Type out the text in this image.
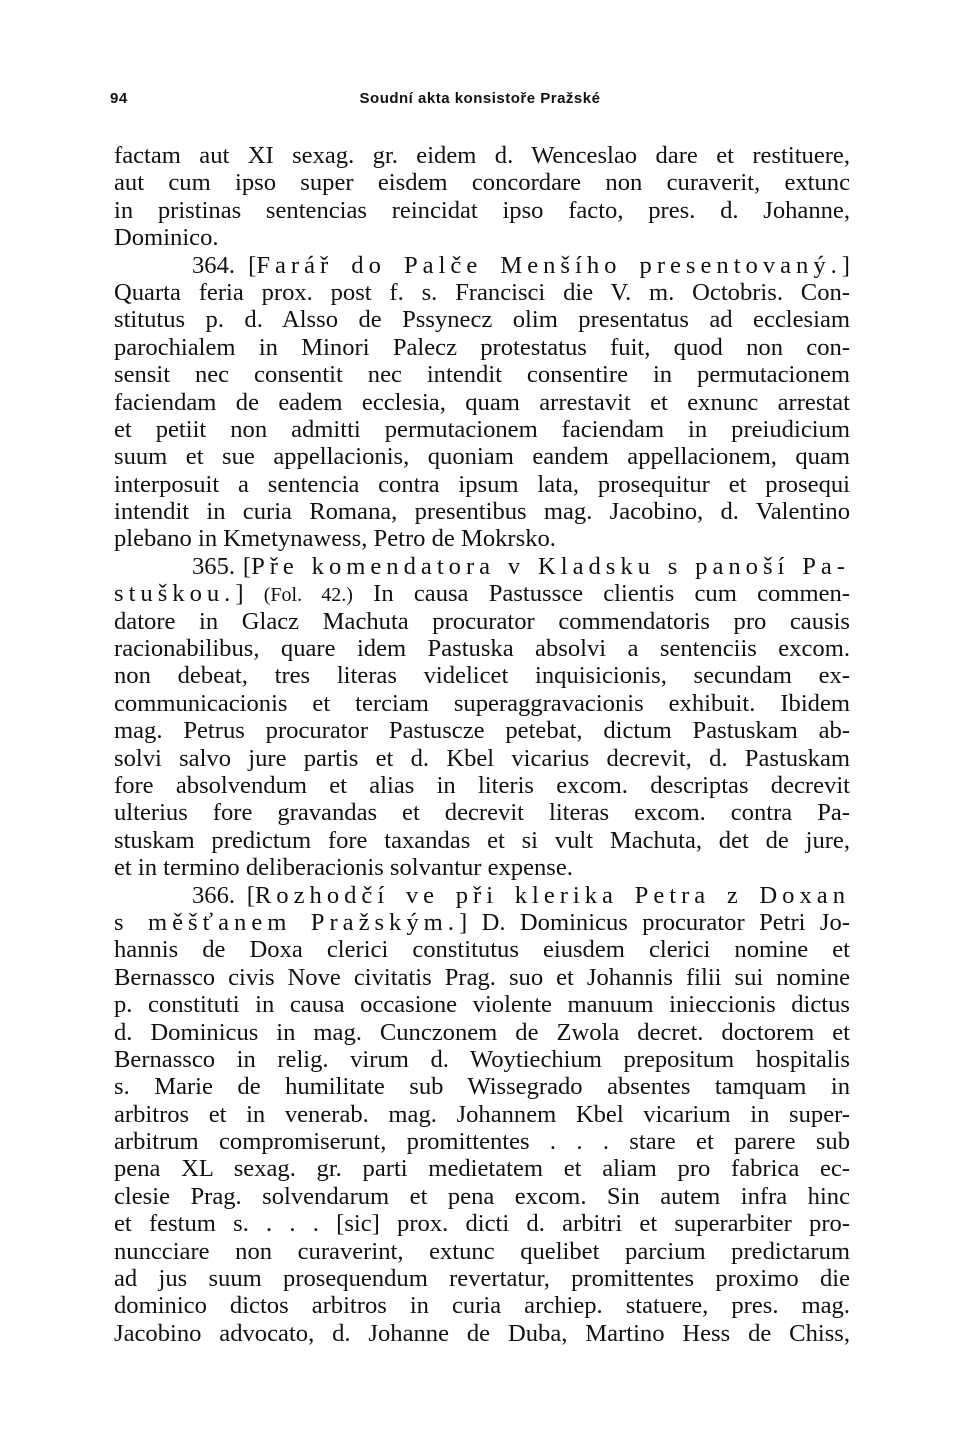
94	Soudní akta konsistoře Pražské
factam aut XI sexag. gr. eidem d. Wenceslao dare et restituere,
aut cum ipso super eisdem concordare non curaverit, extunc
in pristinas sentencias reincidat ipso facto, pres. d. Johanne,
Dominico.
364. [Farář do Palče Menšího presentovaný.]
Quarta feria prox. post f. s. Francisci die V. m. Octobris. Con-
stitutus p. d. Alsso de Pssynecz olim presentatus ad ecclesiam
parochialem in Minori Palecz protestatus fuit, quod non con-
sensit nec consentit nec intendit consentire in permutacionem
faciendam de eadem ecclesia, quam arrestavit et exnunc arrestat
et petiit non admitti permutacionem faciendam in preiudicium
suum et sue appellacionis, quoniam eandem appellacionem, quam
interposuit a sentencia contra ipsum lata, prosequitur et prosequi
intendit in curia Romana, presentibus mag. Jacobino, d. Valentino
plebano in Kmetynawess, Petro de Mokrsko.
365. [Pře komendatora v Kladsku s panoší Pa-
stuškou.] (Fol. 42.) In causa Pastussce clientis cum commen-
datore in Glacz Machuta procurator commendatoris pro causis
racionabilibus, quare idem Pastuska absolvi a sentenciis excom.
non debeat, tres literas videlicet inquisicionis, secundam ex-
communicacionis et terciam superaggravacionis exhibuit. Ibidem
mag. Petrus procurator Pastuscze petebat, dictum Pastuskam ab-
solvi salvo jure partis et d. Kbel vicarius decrevit, d. Pastuskam
fore absolvendum et alias in literis excom. descriptas decrevit
ulterius fore gravandas et decrevit literas excom. contra Pa-
stuskam predictum fore taxandas et si vult Machuta, det de jure,
et in termino deliberacionis solvantur expense.
366. [Rozhodčí ve při klerika Petra z Doxan
s měšťanem Pražským.] D. Dominicus procurator Petri Jo-
hannis de Doxa clerici constitutus eiusdem clerici nomine et
Bernassco civis Nove civitatis Prag. suo et Johannis filii sui nomine
p. constituti in causa occasione violente manuum inieccionis dictus
d. Dominicus in mag. Cunczonem de Zwola decret. doctorem et
Bernassco in relig. virum d. Woytiechium prepositum hospitalis
s. Marie de humilitate sub Wissegrado absentes tamquam in
arbitros et in venerab. mag. Johannem Kbel vicarium in super-
arbitrum compromiserunt, promittentes . . . stare et parere sub
pena XL sexag. gr. parti medietatem et aliam pro fabrica ec-
clesie Prag. solvendarum et pena excom. Sin autem infra hinc
et festum s. . . . [sic] prox. dicti d. arbitri et superarbiter pro-
nuncciare non curaverint, extunc quelibet parcium predictarum
ad jus suum prosequendum revertatur, promittentes proximo die
dominico dictos arbitros in curia archiep. statuere, pres. mag.
Jacobino advocato, d. Johanne de Duba, Martino Hess de Chiss,
